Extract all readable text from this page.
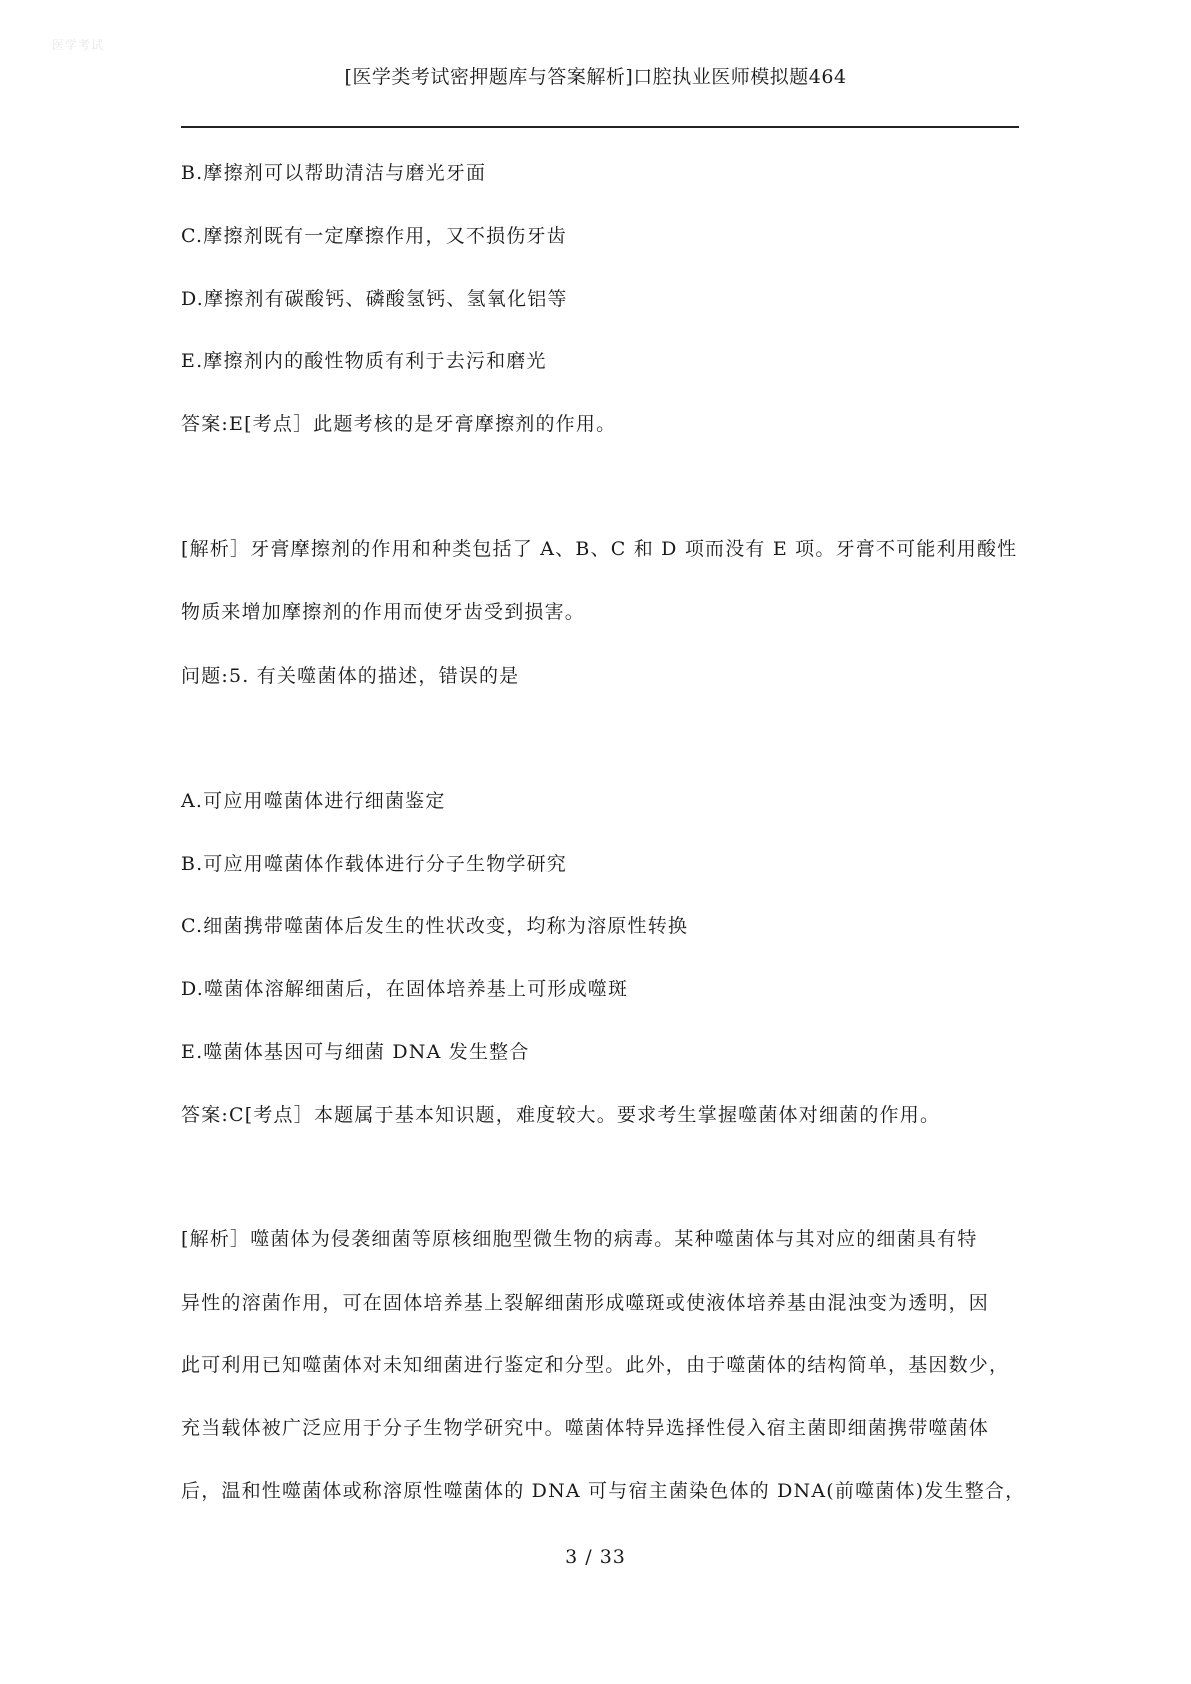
医学考试
[医学类考试密押题库与答案解析]口腔执业医师模拟题464
B.摩擦剂可以帮助清洁与磨光牙面
C.摩擦剂既有一定摩擦作用，又不损伤牙齿
D.摩擦剂有碳酸钙、磷酸氢钙、氢氧化铝等
E.摩擦剂内的酸性物质有利于去污和磨光
答案:E[考点］此题考核的是牙膏摩擦剂的作用。
[解析］牙膏摩擦剂的作用和种类包括了 A、B、C 和 D 项而没有 E 项。牙膏不可能利用酸性
物质来增加摩擦剂的作用而使牙齿受到损害。
问题:5. 有关噬菌体的描述，错误的是
A.可应用噬菌体进行细菌鉴定
B.可应用噬菌体作载体进行分子生物学研究
C.细菌携带噬菌体后发生的性状改变，均称为溶原性转换
D.噬菌体溶解细菌后，在固体培养基上可形成噬斑
E.噬菌体基因可与细菌 DNA 发生整合
答案:C[考点］本题属于基本知识题，难度较大。要求考生掌握噬菌体对细菌的作用。
[解析］噬菌体为侵袭细菌等原核细胞型微生物的病毒。某种噬菌体与其对应的细菌具有特
异性的溶菌作用，可在固体培养基上裂解细菌形成噬斑或使液体培养基由混浊变为透明，因
此可利用已知噬菌体对未知细菌进行鉴定和分型。此外，由于噬菌体的结构简单，基因数少，
充当载体被广泛应用于分子生物学研究中。噬菌体特异选择性侵入宿主菌即细菌携带噬菌体
后，温和性噬菌体或称溶原性噬菌体的 DNA 可与宿主菌染色体的 DNA(前噬菌体)发生整合，
3 / 33
